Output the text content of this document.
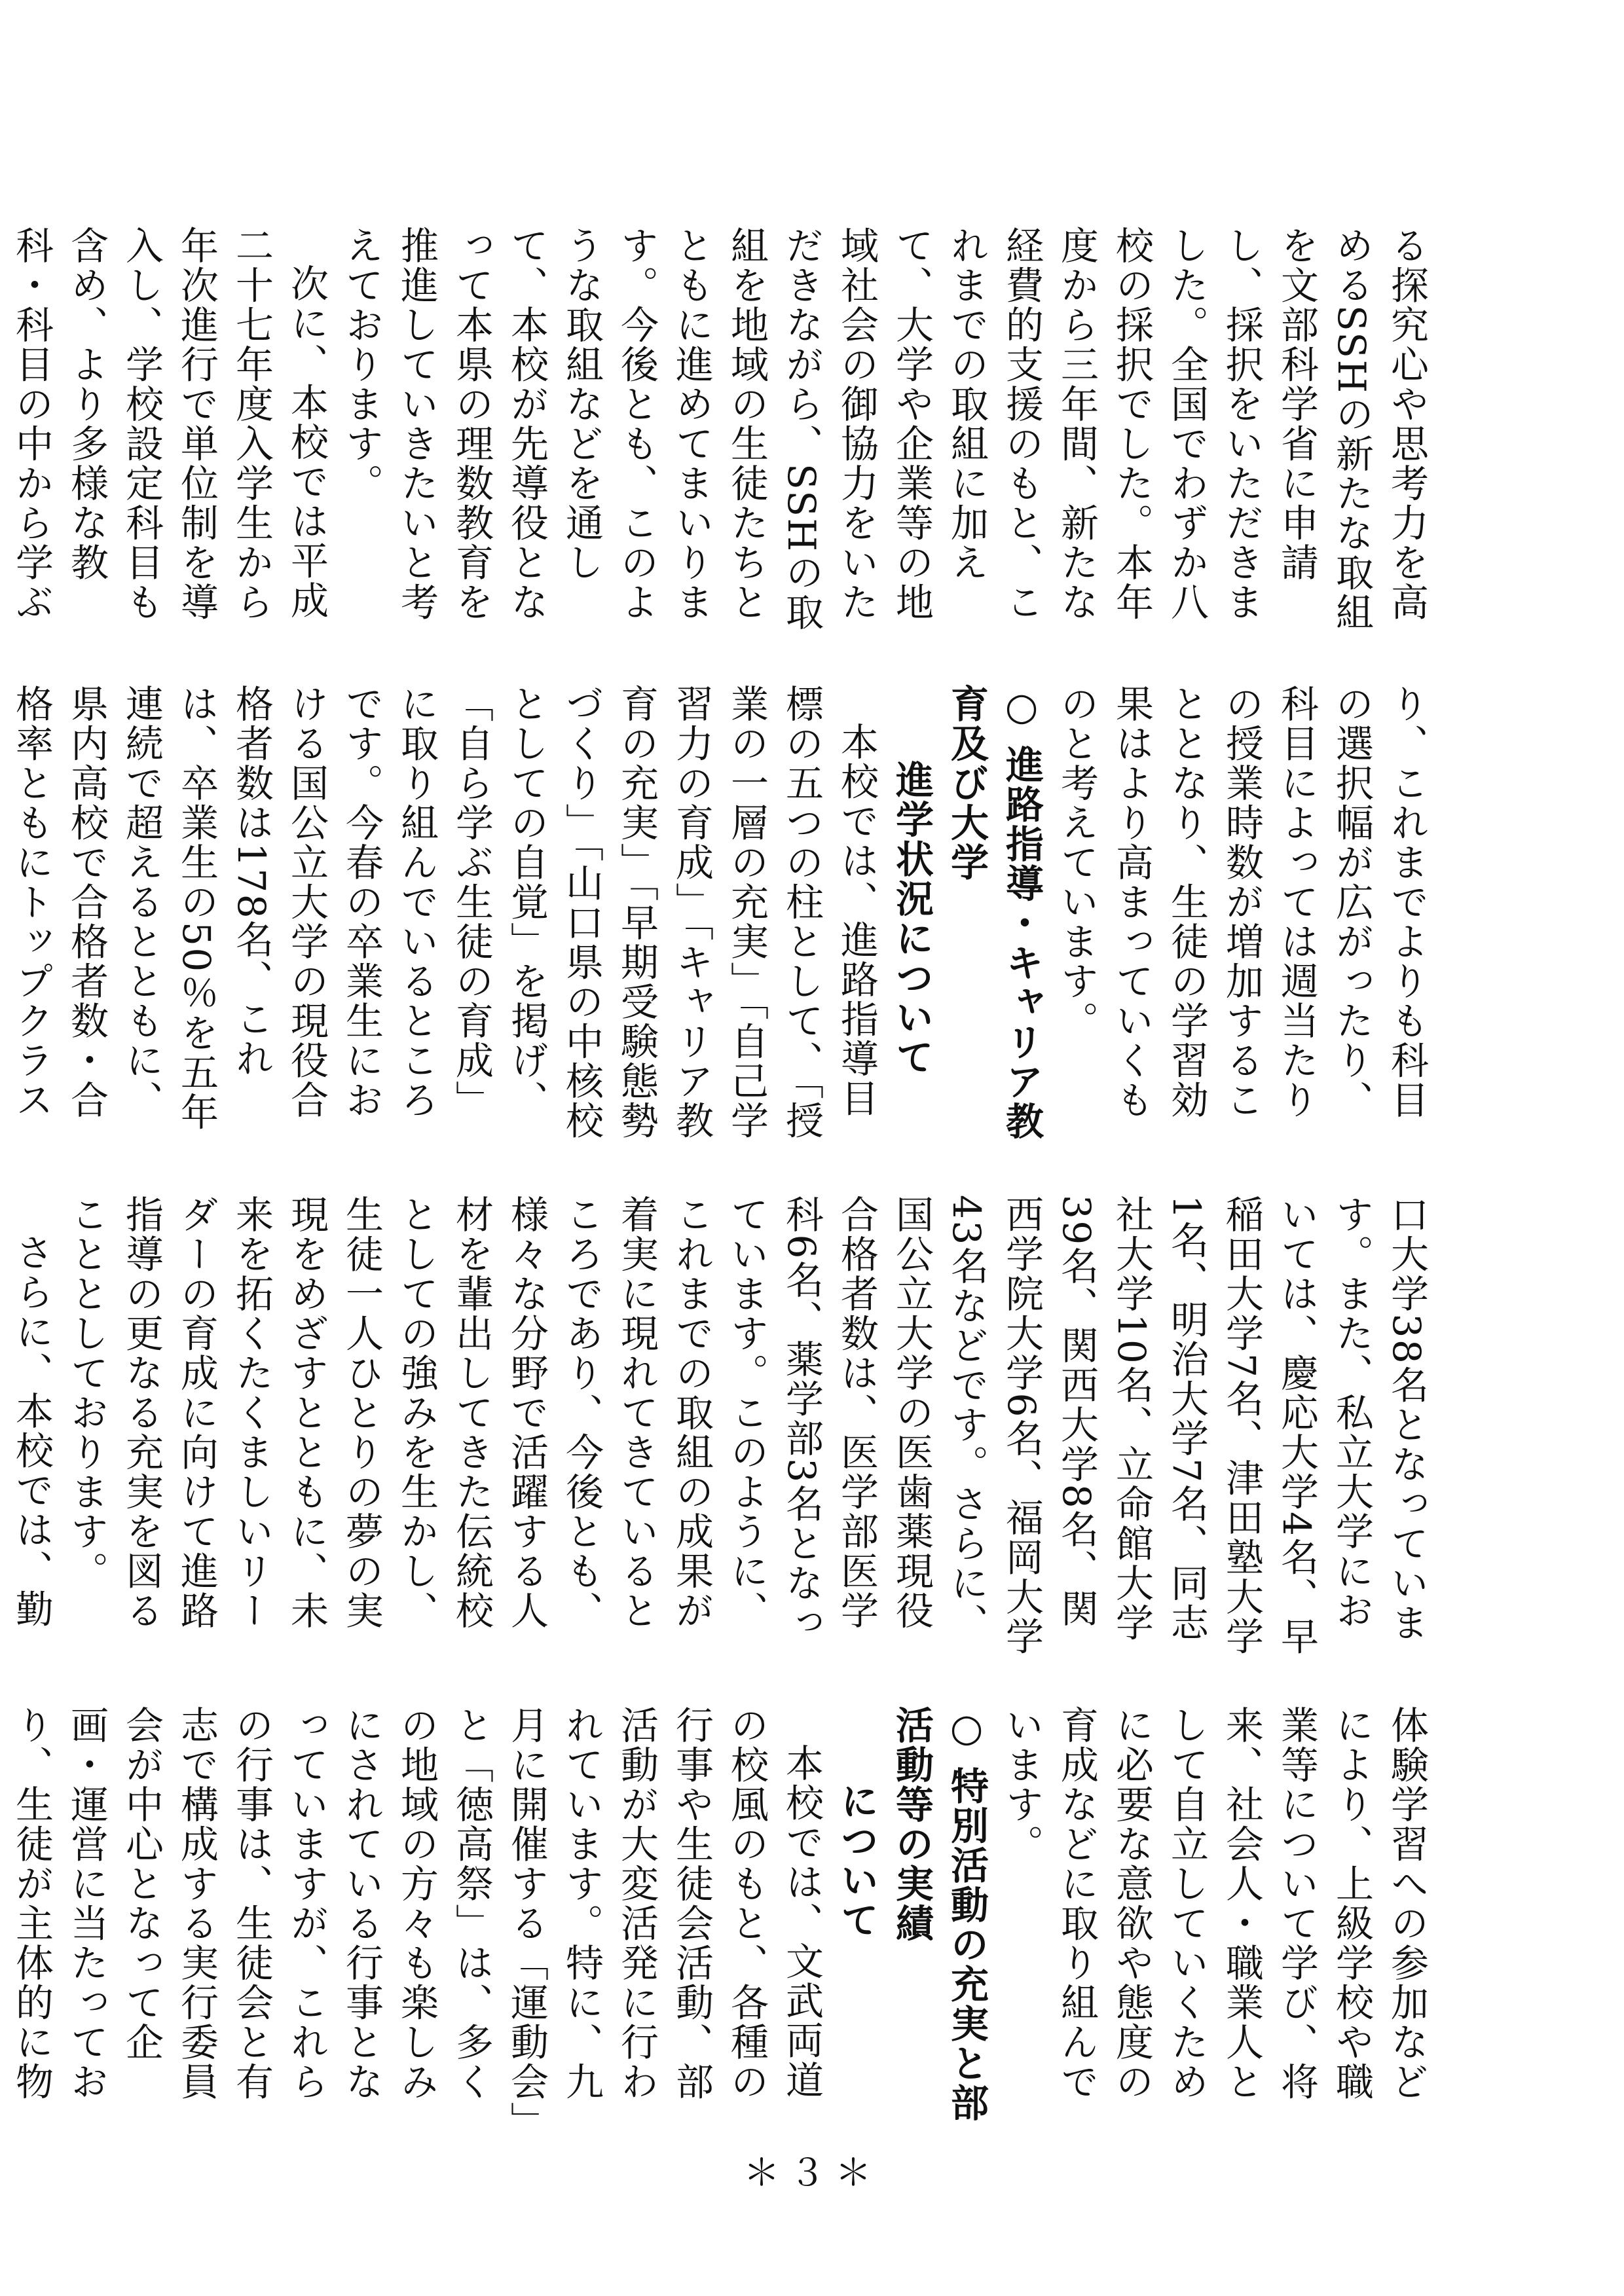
る探究心や思考力を高めるSSHの新たな取組を文部科学省に申請し、採択をいただきました。全国でわずか八校の採択でした。本年度から三年間、新たな経費的支援のもと、これまでの取組に加えて、大学や企業等の地域社会の御協力をいただきながら、SSHの取組を地域の生徒たちとともに進めてまいります。今後とも、このような取組などを通して、本校が先導役となって本県の理数教育を推進していきたいと考えております。

次に、本校では平成二十七年度入学生から年次進行で単位制を導入し、学校設定科目も含め、より多様な教科・科目の中から学ぶ

り、これまでよりも科目の選択幅が広がったり、科目によっては週当たりの授業時数が増加することとなり、生徒の学習効果はより高まっていくものと考えています。

○ 進路指導・キャリア教育及び大学

進学状況について

本校では、進路指導目標の五つの柱として、「授業の一層の充実」「自己学習力の育成」「キャリア教育の充実」「早期受験態勢づくり」「山口県の中核校としての自覚」を掲げ、「自ら学ぶ生徒の育成」に取り組んでいるところです。今春の卒業生における国公立大学の現役合格者数は178名、これは、卒業生の50％を五年連続で超えるとともに、県内高校で合格者数・合格率ともにトップクラス

口大学38名となっています。また、私立大学においては、慶応大学4名、早稲田大学7名、津田塾大学1名、明治大学7名、同志社大学10名、立命館大学39名、関西大学8名、関西学院大学6名、福岡大学43名などです。さらに、国公立大学の医歯薬現役合格者数は、医学部医学科6名、薬学部3名となっています。このように、これまでの取組の成果が着実に現れてきているところであり、今後とも、様々な分野で活躍する人材を輩出してきた伝統校としての強みを生かし、生徒一人ひとりの夢の実現をめざすとともに、未来を拓くたくましいリーダーの育成に向けて進路指導の更なる充実を図ることとしております。

さらに、本校では、勤

体験学習への参加などにより、上級学校や職業等について学び、将来、社会人・職業人として自立していくために必要な意欲や態度の育成などに取り組んでいます。

○ 特別活動の充実と部活動等の実績

について

本校では、文武両道の校風のもと、各種の行事や生徒会活動、部活動が大変活発に行われています。特に、九月に開催する「運動会」と「徳高祭」は、多くの地域の方々も楽しみにされている行事となっていますが、これらの行事は、生徒会と有志で構成する実行委員会が中心となって企画・運営に当たっており、生徒が主体的に物

＊３＊
